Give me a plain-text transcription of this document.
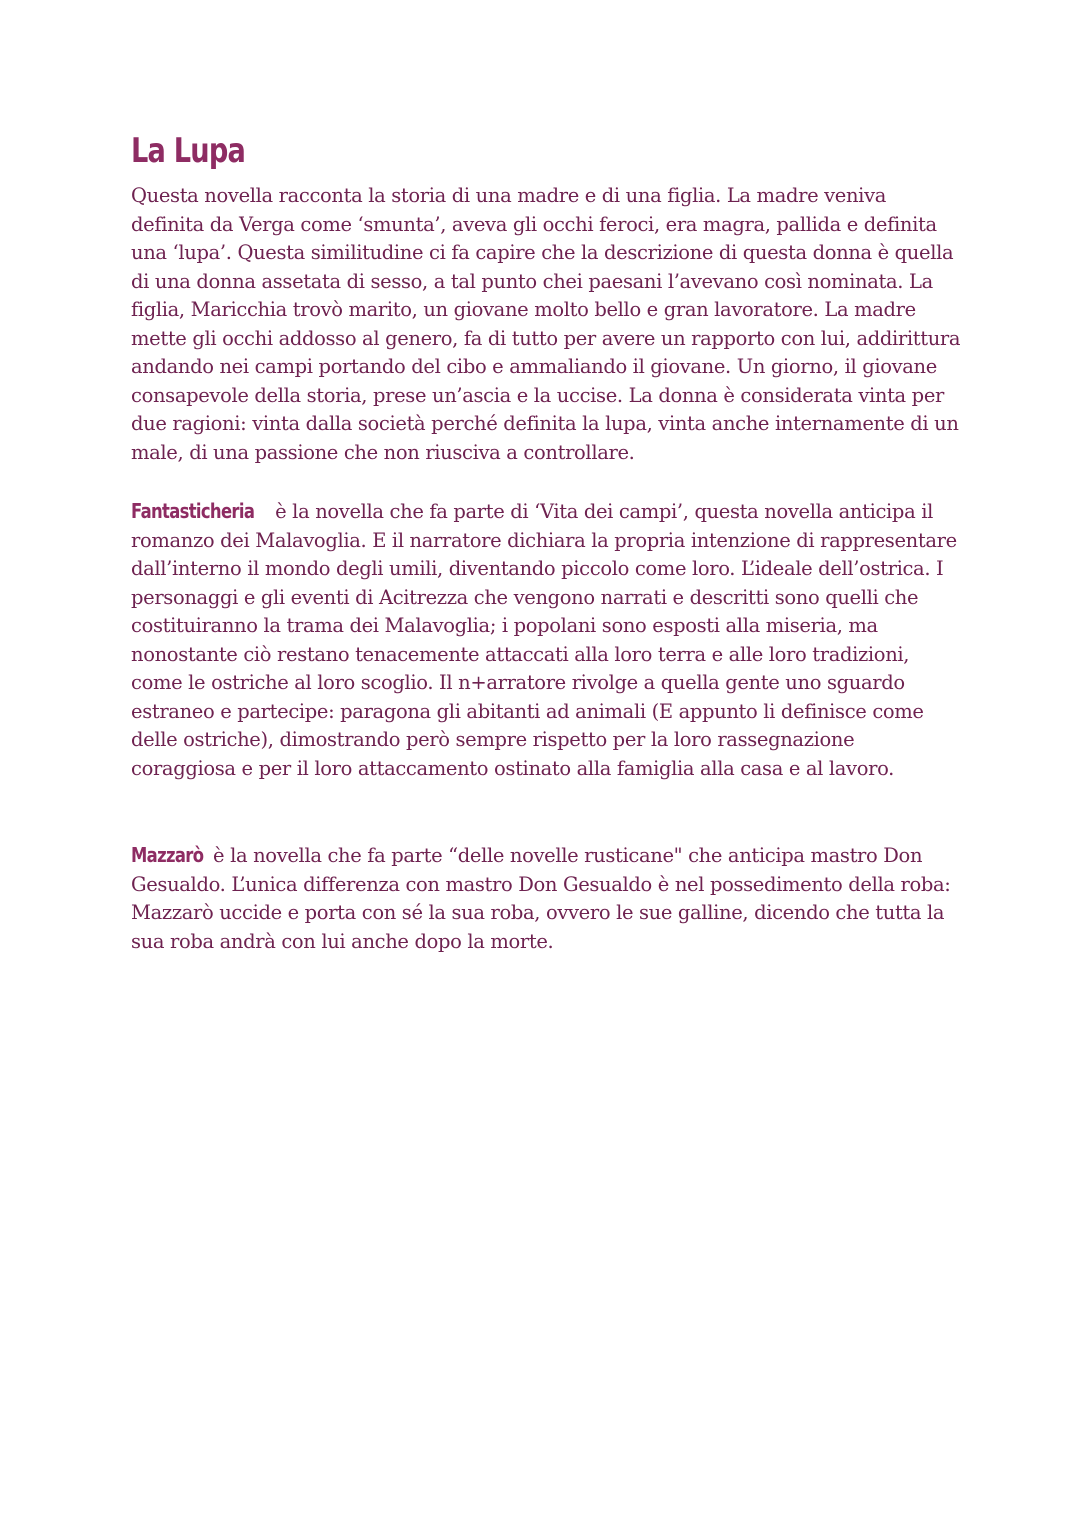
La Lupa

Questa novella racconta la storia di una madre e di una figlia. La madre veniva definita da Verga come ‘smunta’, aveva gli occhi feroci, era magra, pallida e definita una ‘lupa’. Questa similitudine ci fa capire che la descrizione di questa donna è quella di una donna assetata di sesso, a tal punto chei paesani l’avevano così nominata. La figlia, Maricchia trovò marito, un giovane molto bello e gran lavoratore. La madre mette gli occhi addosso al genero, fa di tutto per avere un rapporto con lui, addirittura andando nei campi portando del cibo e ammaliando il giovane. Un giorno, il giovane consapevole della storia, prese un’ascia e la uccise. La donna è considerata vinta per due ragioni: vinta dalla società perché definita la lupa, vinta anche internamente di un male, di una passione che non riusciva a controllare.

Fantasticheria è la novella che fa parte di ‘Vita dei campi’, questa novella anticipa il romanzo dei Malavoglia. E il narratore dichiara la propria intenzione di rappresentare dall’interno il mondo degli umili, diventando piccolo come loro. L’ideale dell’ostrica. I personaggi e gli eventi di Acitrezza che vengono narrati e descritti sono quelli che costituiranno la trama dei Malavoglia; i popolani sono esposti alla miseria, ma nonostante ciò restano tenacemente attaccati alla loro terra e alle loro tradizioni, come le ostriche al loro scoglio. Il n+arratore rivolge a quella gente uno sguardo estraneo e partecipe: paragona gli abitanti ad animali (E appunto li definisce come delle ostriche), dimostrando però sempre rispetto per la loro rassegnazione coraggiosa e per il loro attaccamento ostinato alla famiglia alla casa e al lavoro.

Mazzarò è la novella che fa parte “delle novelle rusticane" che anticipa mastro Don Gesualdo. L’unica differenza con mastro Don Gesualdo è nel possedimento della roba: Mazzarò uccide e porta con sé la sua roba, ovvero le sue galline, dicendo che tutta la sua roba andrà con lui anche dopo la morte.
